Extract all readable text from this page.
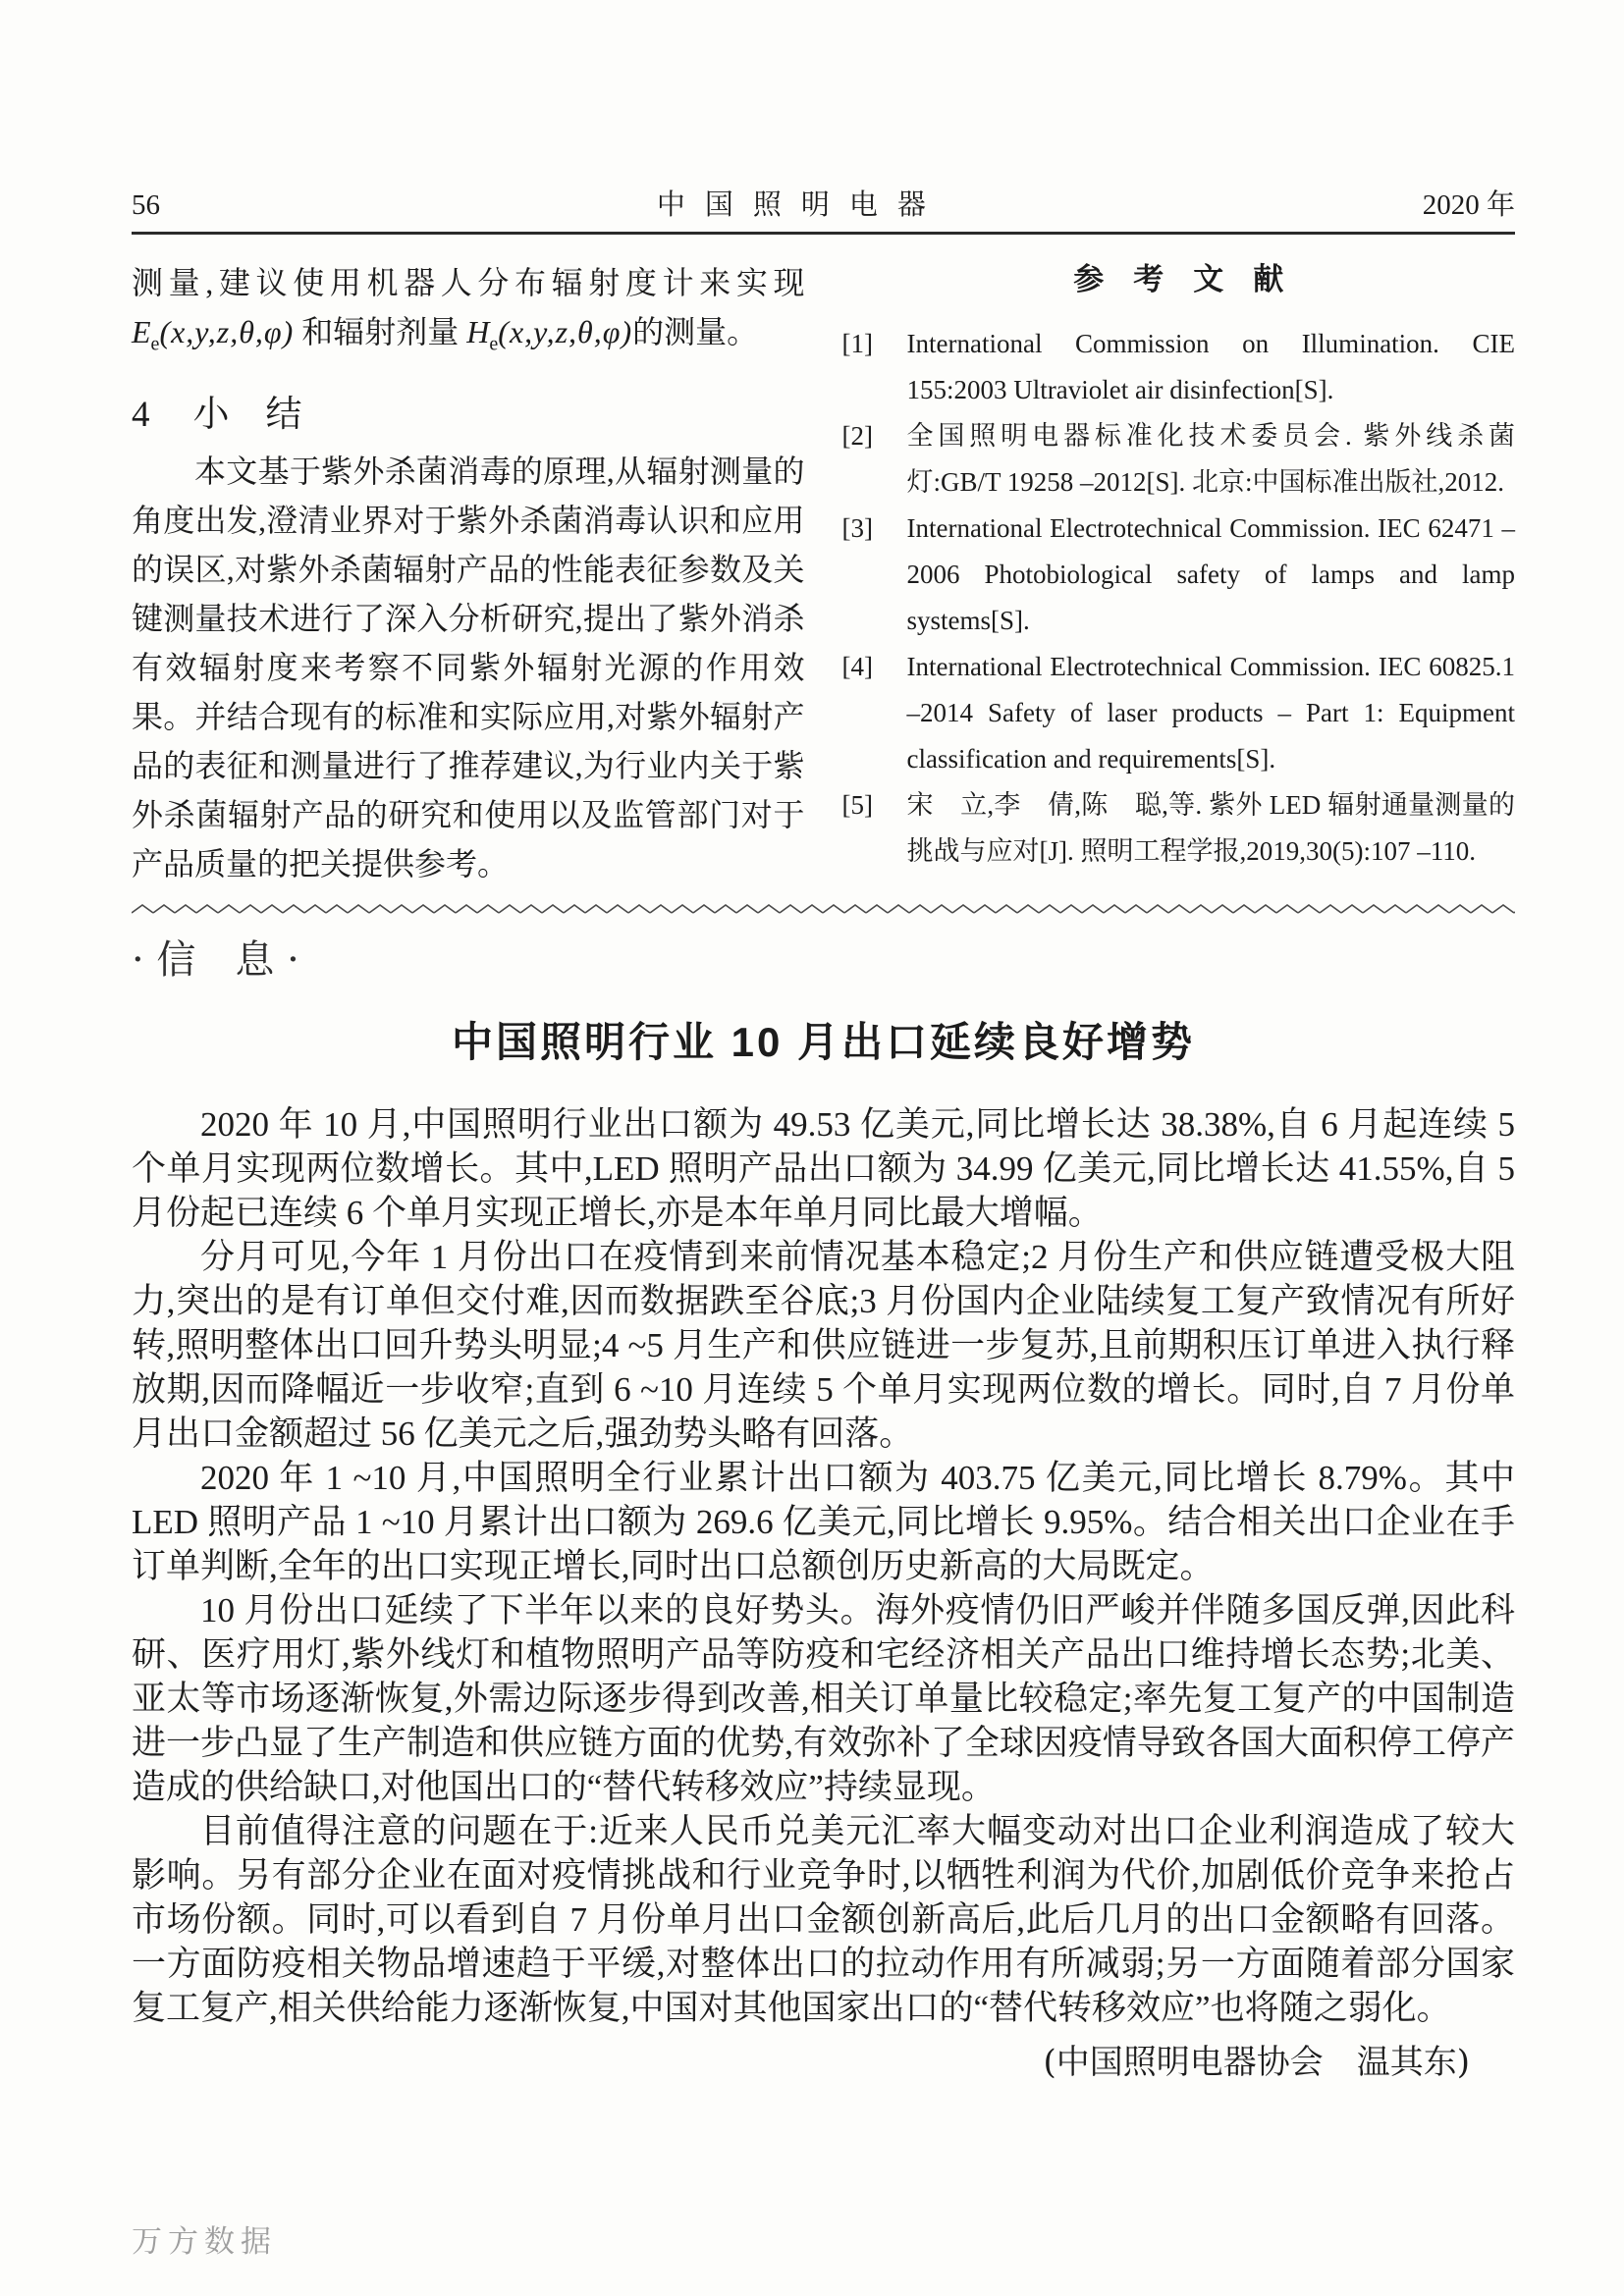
56	中国照明电器	2020 年

测量,建议使用机器人分布辐射度计来实现 $E_e(x,y,z,\theta,\varphi)$ 和辐射剂量 $H_e(x,y,z,\theta,\varphi)$的测量。

4 小　结

本文基于紫外杀菌消毒的原理,从辐射测量的角度出发,澄清业界对于紫外杀菌消毒认识和应用的误区,对紫外杀菌辐射产品的性能表征参数及关键测量技术进行了深入分析研究,提出了紫外消杀有效辐射度来考察不同紫外辐射光源的作用效果。并结合现有的标准和实际应用,对紫外辐射产品的表征和测量进行了推荐建议,为行业内关于紫外杀菌辐射产品的研究和使用以及监管部门对于产品质量的把关提供参考。

参考文献
[1]	International Commission on Illumination. CIE 155:2003 Ultraviolet air disinfection[S].
[2]	全国照明电器标准化技术委员会. 紫外线杀菌灯:GB/T 19258 –2012[S]. 北京:中国标准出版社,2012.
[3]	International Electrotechnical Commission. IEC 62471 –2006 Photobiological safety of lamps and lamp systems[S].
[4]	International Electrotechnical Commission. IEC 60825.1 –2014 Safety of laser products – Part 1: Equipment classification and requirements[S].
[5]	宋　立,李　倩,陈　聪,等. 紫外 LED 辐射通量测量的挑战与应对[J]. 照明工程学报,2019,30(5):107 –110.
· 信　息 ·
中国照明行业 10 月出口延续良好增势

2020 年 10 月,中国照明行业出口额为 49.53 亿美元,同比增长达 38.38%,自 6 月起连续 5 个单月实现两位数增长。其中,LED 照明产品出口额为 34.99 亿美元,同比增长达 41.55%,自 5 月份起已连续 6 个单月实现正增长,亦是本年单月同比最大增幅。

分月可见,今年 1 月份出口在疫情到来前情况基本稳定;2 月份生产和供应链遭受极大阻力,突出的是有订单但交付难,因而数据跌至谷底;3 月份国内企业陆续复工复产致情况有所好转,照明整体出口回升势头明显;4 ~5 月生产和供应链进一步复苏,且前期积压订单进入执行释放期,因而降幅近一步收窄;直到 6 ~10 月连续 5 个单月实现两位数的增长。同时,自 7 月份单月出口金额超过 56 亿美元之后,强劲势头略有回落。

2020 年 1 ~10 月,中国照明全行业累计出口额为 403.75 亿美元,同比增长 8.79%。其中 LED 照明产品 1 ~10 月累计出口额为 269.6 亿美元,同比增长 9.95%。结合相关出口企业在手订单判断,全年的出口实现正增长,同时出口总额创历史新高的大局既定。

10 月份出口延续了下半年以来的良好势头。海外疫情仍旧严峻并伴随多国反弹,因此科研、医疗用灯,紫外线灯和植物照明产品等防疫和宅经济相关产品出口维持增长态势;北美、亚太等市场逐渐恢复,外需边际逐步得到改善,相关订单量比较稳定;率先复工复产的中国制造进一步凸显了生产制造和供应链方面的优势,有效弥补了全球因疫情导致各国大面积停工停产造成的供给缺口,对他国出口的“替代转移效应”持续显现。

目前值得注意的问题在于:近来人民币兑美元汇率大幅变动对出口企业利润造成了较大影响。另有部分企业在面对疫情挑战和行业竞争时,以牺牲利润为代价,加剧低价竞争来抢占市场份额。同时,可以看到自 7 月份单月出口金额创新高后,此后几月的出口金额略有回落。一方面防疫相关物品增速趋于平缓,对整体出口的拉动作用有所减弱;另一方面随着部分国家复工复产,相关供给能力逐渐恢复,中国对其他国家出口的“替代转移效应”也将随之弱化。

(中国照明电器协会　温其东)
万方数据
